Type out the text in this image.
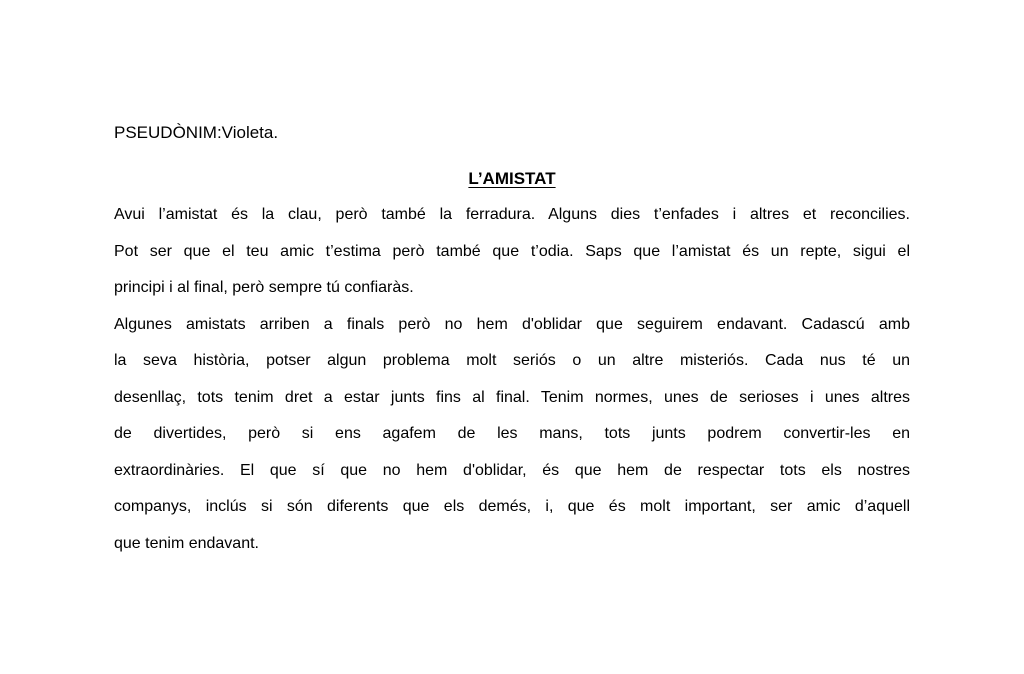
PSEUDÒNIM:Violeta.
L’AMISTAT
Avui l’amistat és la clau, però també la ferradura. Alguns dies t’enfades i altres et reconcilies.
Pot ser que el teu amic t’estima però també que t’odia. Saps que l’amistat és un repte, sigui el
principi i al final, però sempre tú confiaràs.
Algunes amistats arriben a finals però no hem d'oblidar que seguirem endavant. Cadascú amb
la seva història, potser algun problema molt seriós o un altre misteriós. Cada nus té un
desenllaç, tots tenim dret a estar junts fins al final. Tenim normes, unes de serioses i unes altres
de divertides, però si ens agafem de les mans, tots junts podrem convertir-les en
extraordinàries. El que sí que no hem d'oblidar, és que hem de respectar tots els nostres
companys, inclús si són diferents que els demés, i, que és molt important, ser amic d’aquell
que tenim endavant.
